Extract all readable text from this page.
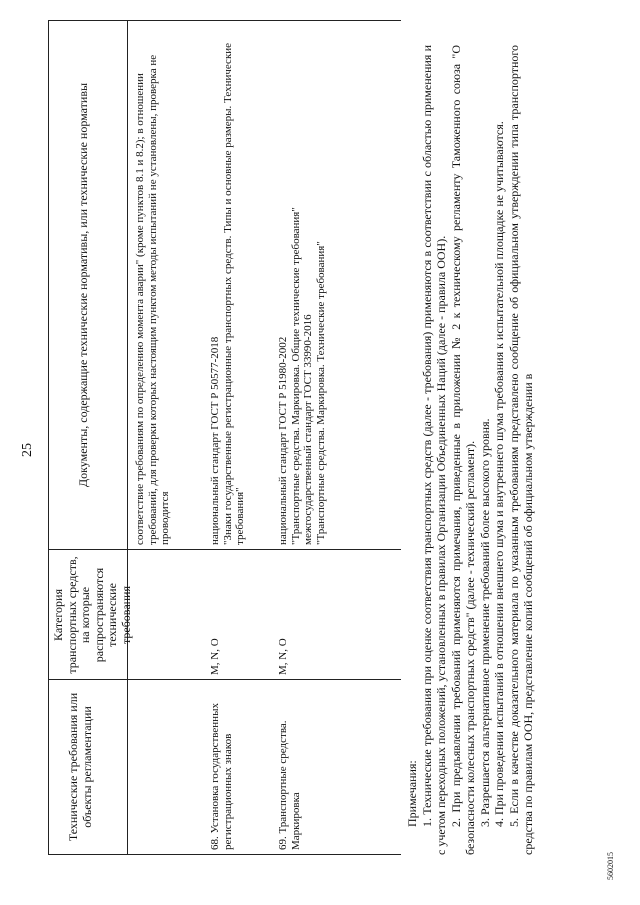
25
Технические требования или объекты регламентации
Категория транспортных средств, на которые распространяются технические требования
Документы, содержащие технические нормативы, или технические нормативы	соответствие требованиям по определению момента аварии" (кроме пунктов 8.1 и 8.2); в отношении требований, для проверки которых настоящим пунктом методы испытаний не установлены, проверка не проводится
68. Установка государственных регистрационных знаков
M, N, O

национальный стандарт ГОСТ Р 50577-2018 "Знаки государственные регистрационные транспортных средств. Типы и основные размеры. Технические требования"

69. Транспортные средства. Маркировка
M, N, O

национальный стандарт ГОСТ Р 51980-2002 "Транспортные средства. Маркировка. Общие технические требования" межгосударственный стандарт ГОСТ 33990-2016 "Транспортные средства. Маркировка. Технические требования"

Примечания: 1. Технические требования при оценке соответствия транспортных средств (далее - требования) применяются в соответствии с областью применения и с учетом переходных положений, установленных в правилах Организации Объединенных Наций (далее - правила ООН). 2. При предъявлении требований применяются примечания, приведенные в приложении № 2 к техническому регламенту Таможенного союза "О безопасности колесных транспортных средств" (далее - технический регламент). 3. Разрешается альтернативное применение требований более высокого уровня. 4. При проведении испытаний в отношении внешнего шума и внутреннего шума требования к испытательной площадке не учитываются. 5. Если в качестве доказательного материала по указанным требованиям представлено сообщение об официальном утверждении типа транспортного средства по правилам ООН, представление копий сообщений об официальном утверждении в

5602015
